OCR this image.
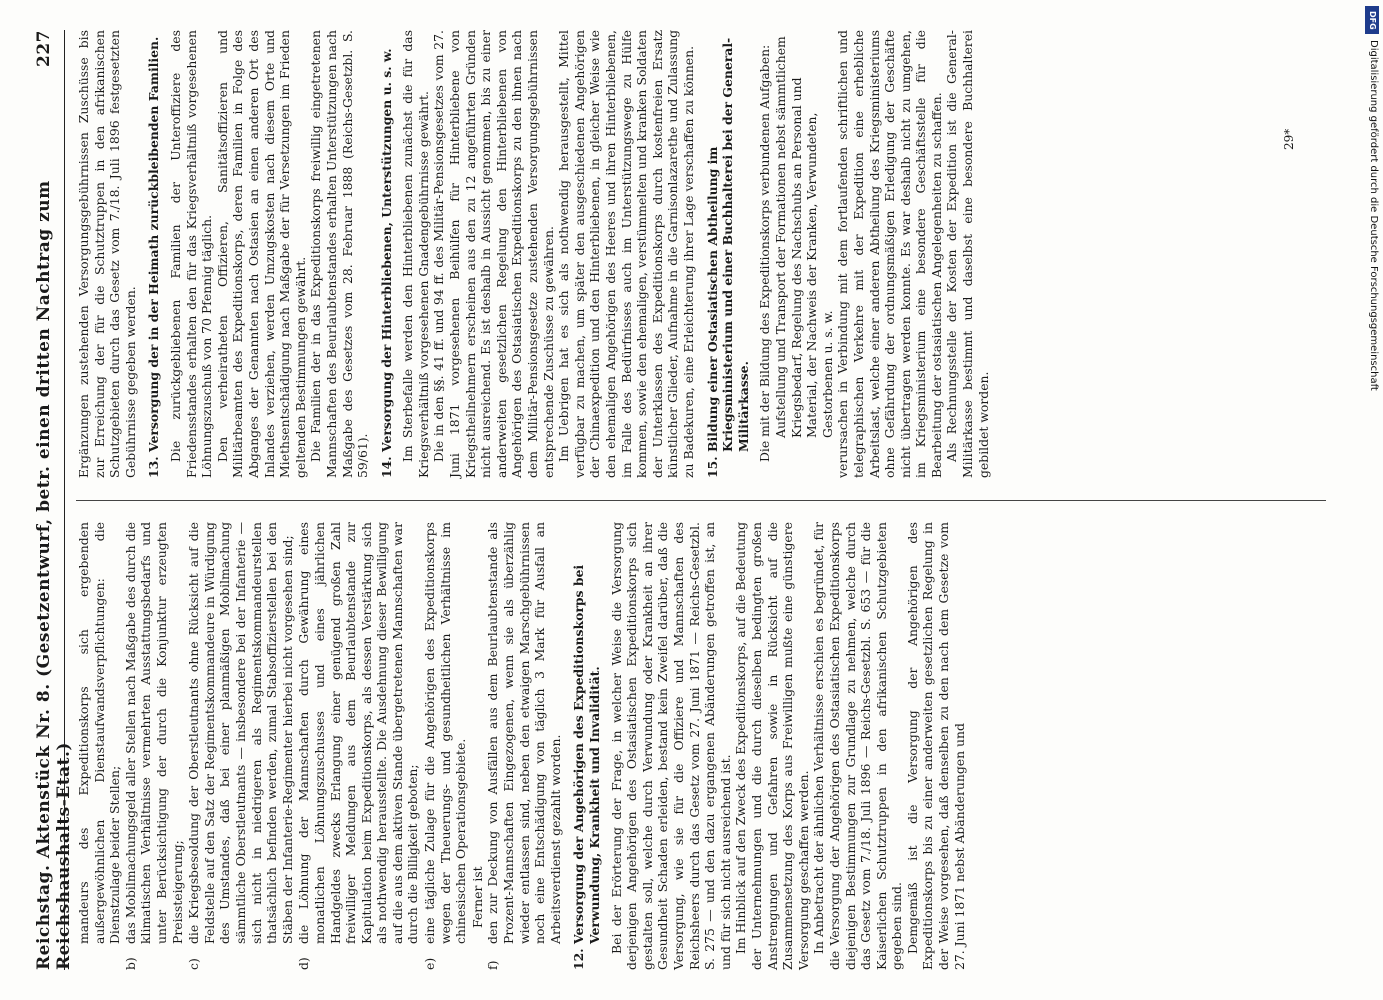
Reichstag. Aktenstück Nr. 8. (Gesetzentwurf, betr. einen dritten Nachtrag zum Reichshaushalts-Etat.)
227

mandeurs des Expeditionskorps sich ergebenden außergewöhnlichen Dienstaufwandsverpflichtungen: die Dienstzulage beider Stellen;

b)
das Mobilmachungsgeld aller Stellen nach Maßgabe des durch die klimatischen Verhältnisse vermehrten Ausstattungsbedarfs und unter Berücksichtigung der durch die Konjunktur erzeugten Preissteigerung;
c)
die Kriegsbesoldung der Oberstleutnants ohne Rücksicht auf die Feldstelle auf den Satz der Regimentskommandeure in Würdigung des Umstandes, daß bei einer planmäßigen Mobilmachung sämmtliche Oberstleutnants — insbesondere bei der Infanterie — sich nicht in niedrigeren als Regimentskommandeurstellen thatsächlich befinden werden, zumal Stabsoffizierstellen bei den Stäben der Infanterie-Regimenter hierbei nicht vorgesehen sind;
d)
die Löhnung der Mannschaften durch Gewährung eines monatlichen Löhnungszuschusses und eines jährlichen Handgeldes zwecks Erlangung einer genügend großen Zahl freiwilliger Meldungen aus dem Beurlaubtenstande zur Kapitulation beim Expeditionskorps, als dessen Verstärkung sich als nothwendig herausstellte. Die Ausdehnung dieser Bewilligung auf die aus dem aktiven Stande übergetretenen Mannschaften war durch die Billigkeit geboten;
e)
eine tägliche Zulage für die Angehörigen des Expeditionskorps wegen der Theuerungs- und gesundheitlichen Verhältnisse im chinesischen Operationsgebiete. Ferner ist

f)
den zur Deckung von Ausfällen aus dem Beurlaubtenstande als Prozent-Mannschaften Eingezogenen, wenn sie als überzählig wieder entlassen sind, neben den etwaigen Marschgebührnissen noch eine Entschädigung von täglich 3 Mark für Ausfall an Arbeitsverdienst gezahlt worden.
12.
Versorgung der Angehörigen des Expeditionskorps bei Verwundung, Krankheit und Invalidität. Bei der Erörterung der Frage, in welcher Weise die Versorgung derjenigen Angehörigen des Ostasiatischen Expeditionskorps sich gestalten soll, welche durch Verwundung oder Krankheit an ihrer Gesundheit Schaden erleiden, bestand kein Zweifel darüber, daß die Versorgung, wie sie für die Offiziere und Mannschaften des Reichsheers durch das Gesetz vom 27. Juni 1871 — Reichs-Gesetzbl. S. 275 — und den dazu ergangenen Abänderungen getroffen ist, an und für sich nicht ausreichend ist. Im Hinblick auf den Zweck des Expeditionskorps, auf die Bedeutung der Unternehmungen und die durch dieselben bedingten großen Anstrengungen und Gefahren sowie in Rücksicht auf die Zusammensetzung des Korps aus Freiwilligen mußte eine günstigere Versorgung geschaffen werden. In Anbetracht der ähnlichen Verhältnisse erschien es begründet, für die Versorgung der Angehörigen des Ostasiatischen Expeditionskorps diejenigen Bestimmungen zur Grundlage zu nehmen, welche durch das Gesetz vom 7./18. Juli 1896 — Reichs-Gesetzbl. S. 653 — für die Kaiserlichen Schutztruppen in den afrikanischen Schutzgebieten gegeben sind. Demgemäß ist die Versorgung der Angehörigen des Expeditionskorps bis zu einer anderweiten gesetzlichen Regelung in der Weise vorgesehen, daß denselben zu den nach dem Gesetze vom 27. Juni 1871 nebst Abänderungen und

Ergänzungen zustehenden Versorgungsgebührnissen Zuschüsse bis zur Erreichung der für die Schutztruppen in den afrikanischen Schutzgebieten durch das Gesetz vom 7./18. Juli 1896 festgesetzten Gebührnisse gegeben werden. 13.
Versorgung der in der Heimath zurückbleibenden Familien. Die zurückgebliebenen Familien der Unteroffiziere des Friedensstandes erhalten den für das Kriegsverhältniß vorgesehenen Löhnungszuschuß von 70 Pfennig täglich. Den verheiratheten Offizieren, Sanitätsoffizieren und Militärbeamten des Expeditionskorps, deren Familien in Folge des Abganges der Genannten nach Ostasien an einen anderen Ort des Inlandes verziehen, werden Umzugskosten nach diesem Orte und Miethsentschädigung nach Maßgabe der für Versetzungen im Frieden geltenden Bestimmungen gewährt. Die Familien der in das Expeditionskorps freiwillig eingetretenen Mannschaften des Beurlaubtenstandes erhalten Unterstützungen nach Maßgabe des Gesetzes vom 28. Februar 1888 (Reichs-Gesetzbl. S. 59/61). 14.
Versorgung der Hinterbliebenen, Unterstützungen u. s. w. Im Sterbefalle werden den Hinterbliebenen zunächst die für das Kriegsverhältniß vorgesehenen Gnadengebührnisse gewährt. Die in den §§. 41 ff. und 94 ff. des Militär-Pensionsgesetzes vom 27. Juni 1871 vorgesehenen Beihülfen für Hinterbliebene von Kriegstheilnehmern erscheinen aus den zu 12 angeführten Gründen nicht ausreichend. Es ist deshalb in Aussicht genommen, bis zu einer anderweiten gesetzlichen Regelung den Hinterbliebenen von Angehörigen des Ostasiatischen Expeditionskorps zu den ihnen nach dem Militär-Pensionsgesetze zustehenden Versorgungsgebührnissen entsprechende Zuschüsse zu gewähren. Im Uebrigen hat es sich als nothwendig herausgestellt, Mittel verfügbar zu machen, um später den ausgeschiedenen Angehörigen der Chinaexpedition und den Hinterbliebenen, in gleicher Weise wie den ehemaligen Angehörigen des Heeres und ihren Hinterbliebenen, im Falle des Bedürfnisses auch im Unterstützungswege zu Hülfe kommen, sowie den ehemaligen, verstümmelten und kranken Soldaten der Unterklassen des Expeditionskorps durch kostenfreien Ersatz künstlicher Glieder, Aufnahme in die Garnisonlazarethe und Zulassung zu Badekuren, eine Erleichterung ihrer Lage verschaffen zu können. 15.
Bildung einer Ostasiatischen Abtheilung im Kriegsministerium und einer Buchhalterei bei der General-Militärkasse. Die mit der Bildung des Expeditionskorps verbundenen Aufgaben: Aufstellung und Transport der Formationen nebst sämmtlichem Kriegsbedarf, Regelung des Nachschubs an Personal und Material, der Nachweis der Kranken, Verwundeten, Gestorbenen u. s. w. verursachen in Verbindung mit dem fortlaufenden schriftlichen und telegraphischen Verkehre mit der Expedition eine erhebliche Arbeitslast, welche einer anderen Abtheilung des Kriegsministeriums ohne Gefährdung der ordnungsmäßigen Erledigung der Geschäfte nicht übertragen werden konnte. Es war deshalb nicht zu umgehen, im Kriegsministerium eine besondere Geschäftsstelle für die Bearbeitung der ostasiatischen Angelegenheiten zu schaffen. Als Rechnungsstelle der Kosten der Expedition ist die General-Militärkasse bestimmt und daselbst eine besondere Buchhalterei gebildet worden.

29*
DFG
Digitalisierung gefördert durch die Deutsche Forschungsgemeinschaft
